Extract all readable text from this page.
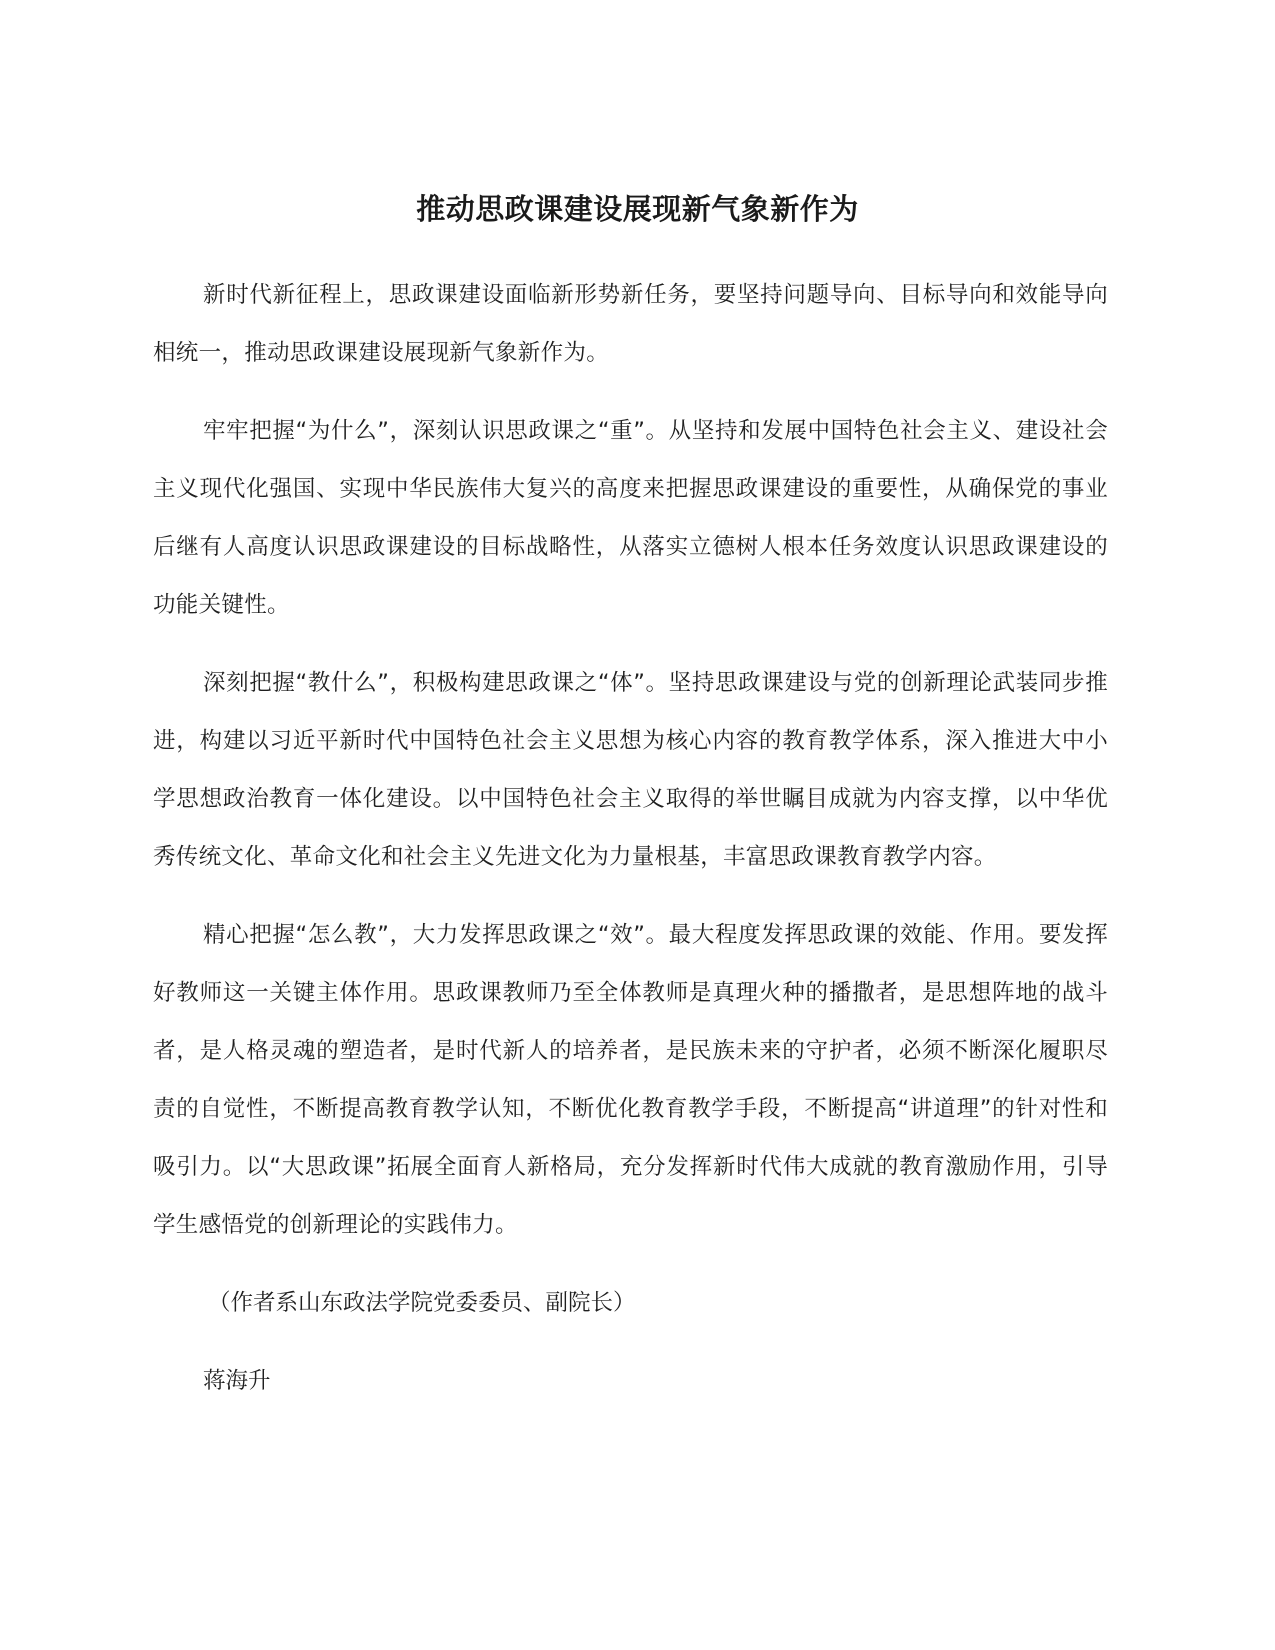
推动思政课建设展现新气象新作为

新时代新征程上，思政课建设面临新形势新任务，要坚持问题导向、目标导向和效能导向相统一，推动思政课建设展现新气象新作为。

牢牢把握“为什么”，深刻认识思政课之“重”。从坚持和发展中国特色社会主义、建设社会主义现代化强国、实现中华民族伟大复兴的高度来把握思政课建设的重要性，从确保党的事业后继有人高度认识思政课建设的目标战略性，从落实立德树人根本任务效度认识思政课建设的功能关键性。

深刻把握“教什么”，积极构建思政课之“体”。坚持思政课建设与党的创新理论武装同步推进，构建以习近平新时代中国特色社会主义思想为核心内容的教育教学体系，深入推进大中小学思想政治教育一体化建设。以中国特色社会主义取得的举世瞩目成就为内容支撑，以中华优秀传统文化、革命文化和社会主义先进文化为力量根基，丰富思政课教育教学内容。

精心把握“怎么教”，大力发挥思政课之“效”。最大程度发挥思政课的效能、作用。要发挥好教师这一关键主体作用。思政课教师乃至全体教师是真理火种的播撒者，是思想阵地的战斗者，是人格灵魂的塑造者，是时代新人的培养者，是民族未来的守护者，必须不断深化履职尽责的自觉性，不断提高教育教学认知，不断优化教育教学手段，不断提高“讲道理”的针对性和吸引力。以“大思政课”拓展全面育人新格局，充分发挥新时代伟大成就的教育激励作用，引导学生感悟党的创新理论的实践伟力。

（作者系山东政法学院党委委员、副院长）

蒋海升
